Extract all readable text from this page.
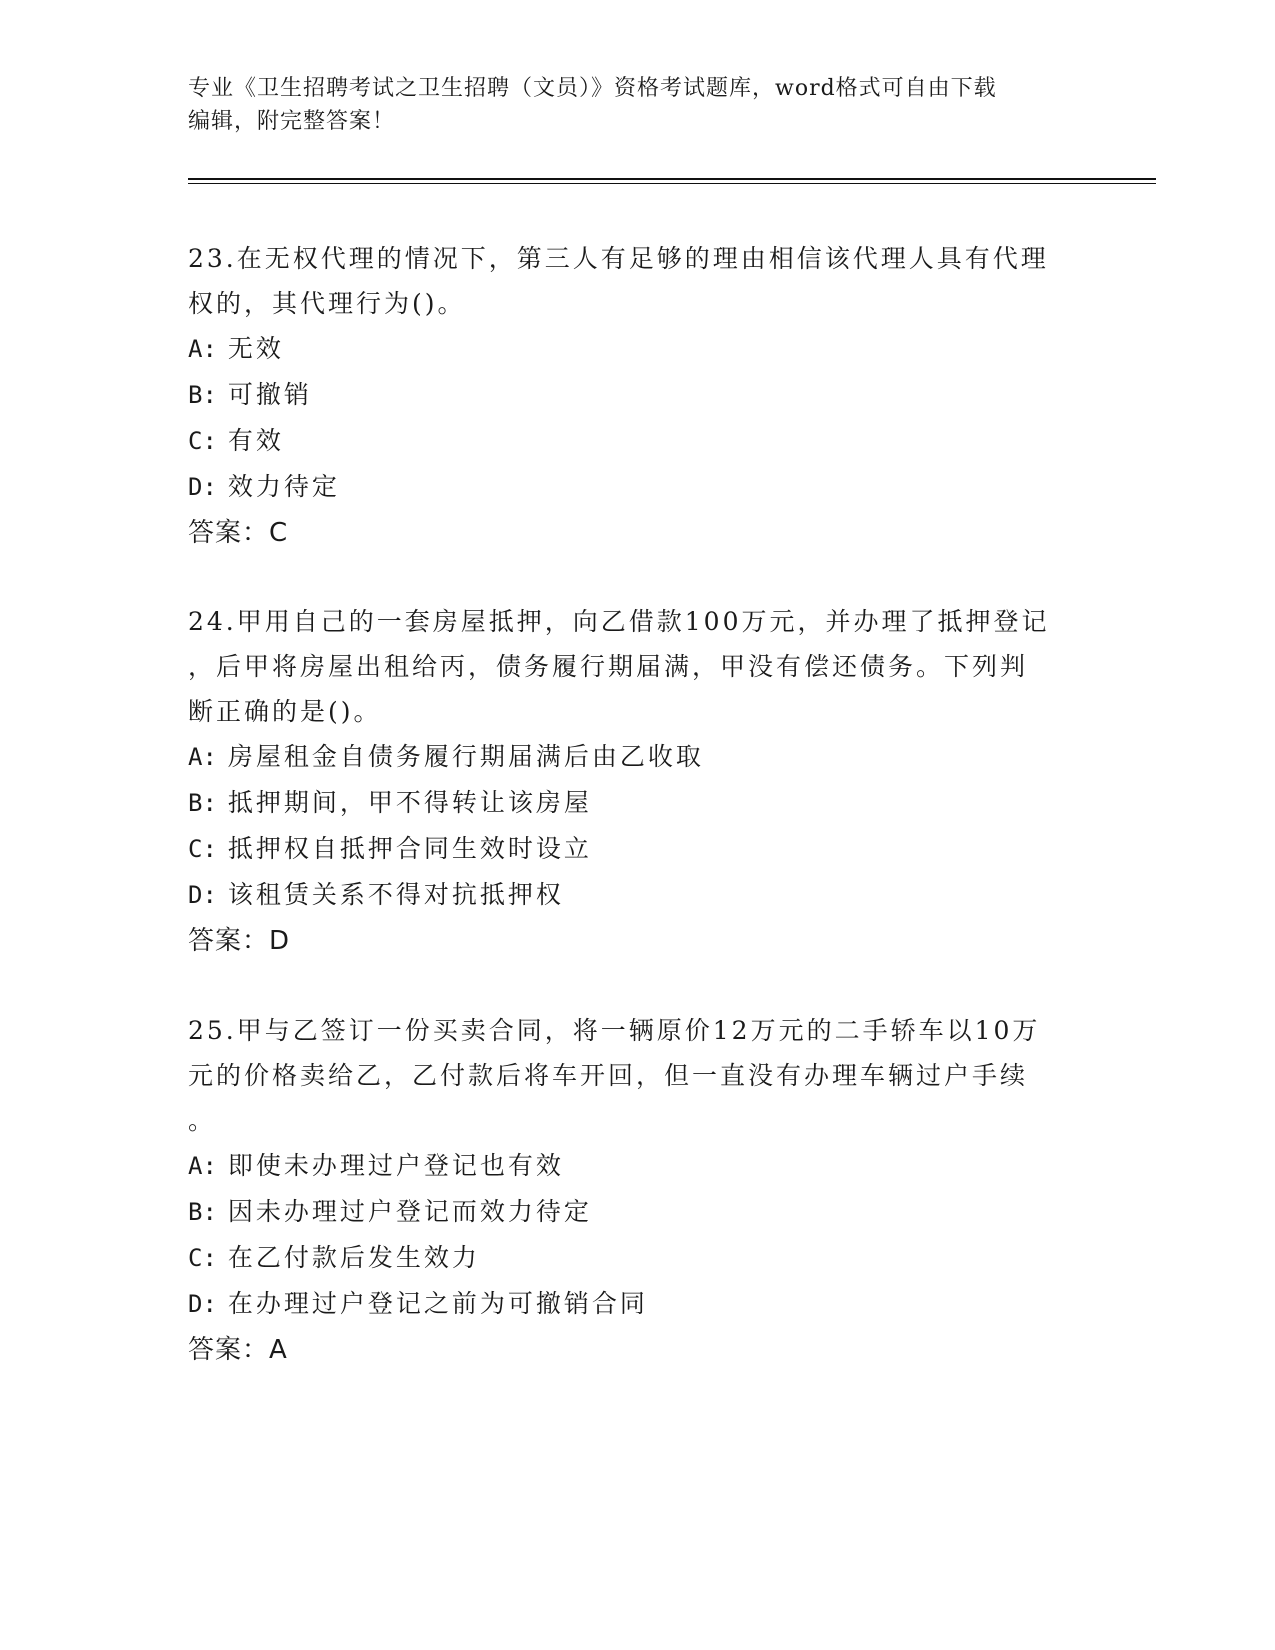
专业《卫生招聘考试之卫生招聘（文员）》资格考试题库，word格式可自由下载
编辑，附完整答案！

23.在无权代理的情况下，第三人有足够的理由相信该代理人具有代理

权的，其代理行为()。

A: 无效

B: 可撤销

C: 有效

D: 效力待定

答案：C

24.甲用自己的一套房屋抵押，向乙借款100万元，并办理了抵押登记

，后甲将房屋出租给丙，债务履行期届满，甲没有偿还债务。下列判

断正确的是()。

A: 房屋租金自债务履行期届满后由乙收取

B: 抵押期间，甲不得转让该房屋

C: 抵押权自抵押合同生效时设立

D: 该租赁关系不得对抗抵押权

答案：D

25.甲与乙签订一份买卖合同，将一辆原价12万元的二手轿车以10万

元的价格卖给乙，乙付款后将车开回，但一直没有办理车辆过户手续

。

A: 即使未办理过户登记也有效

B: 因未办理过户登记而效力待定

C: 在乙付款后发生效力

D: 在办理过户登记之前为可撤销合同

答案：A
